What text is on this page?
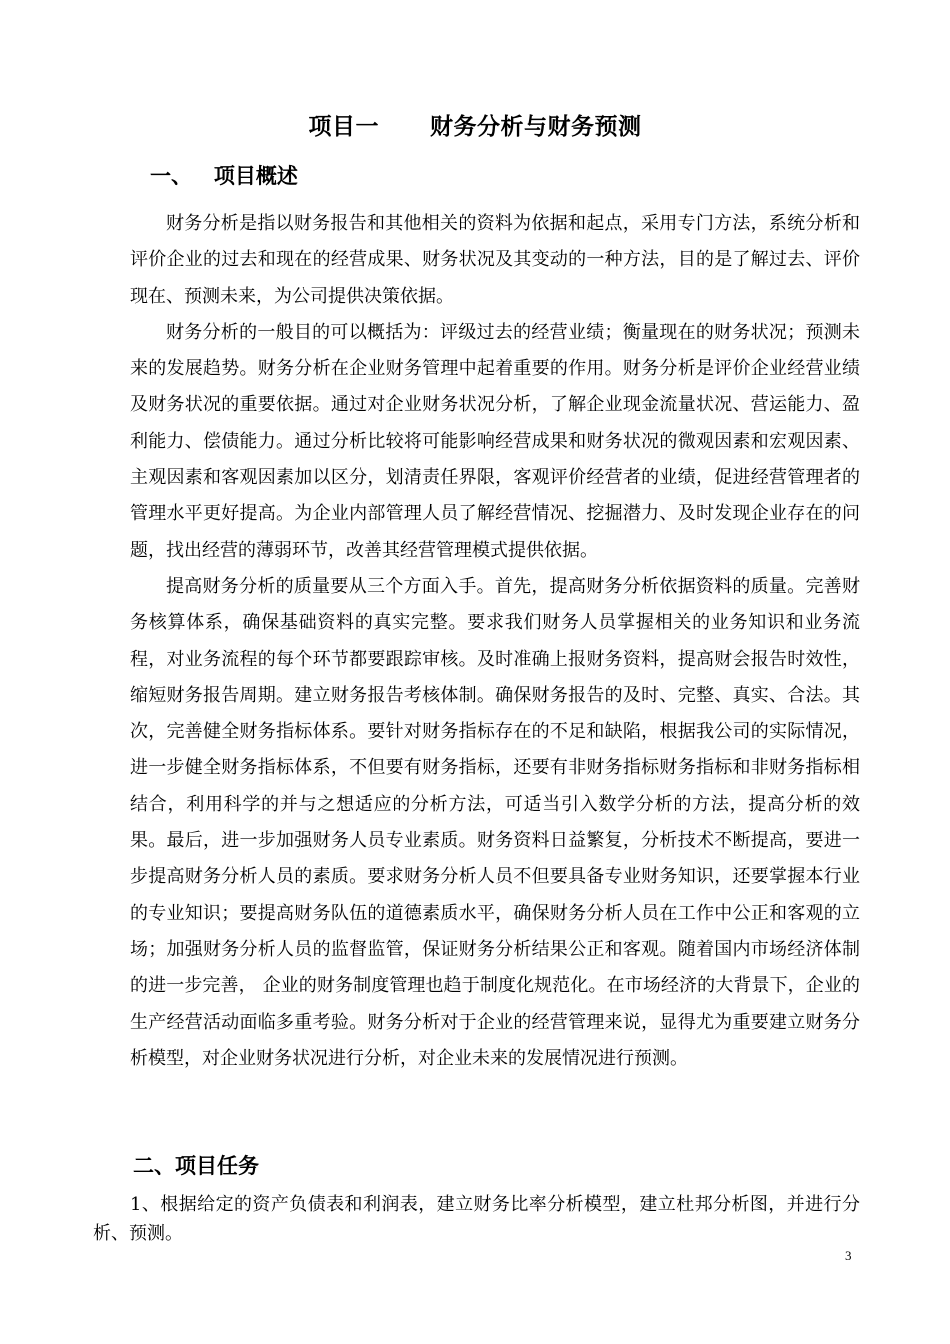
项目一      财务分析与财务预测
一、   项目概述

财务分析是指以财务报告和其他相关的资料为依据和起点，采用专门方法，系统分析和评价企业的过去和现在的经营成果、财务状况及其变动的一种方法，目的是了解过去、评价现在、预测未来，为公司提供决策依据。

财务分析的一般目的可以概括为：评级过去的经营业绩；衡量现在的财务状况；预测未来的发展趋势。财务分析在企业财务管理中起着重要的作用。财务分析是评价企业经营业绩及财务状况的重要依据。通过对企业财务状况分析，了解企业现金流量状况、营运能力、盈利能力、偿债能力。通过分析比较将可能影响经营成果和财务状况的微观因素和宏观因素、主观因素和客观因素加以区分，划清责任界限，客观评价经营者的业绩，促进经营管理者的管理水平更好提高。为企业内部管理人员了解经营情况、挖掘潜力、及时发现企业存在的问题，找出经营的薄弱环节，改善其经营管理模式提供依据。

提高财务分析的质量要从三个方面入手。首先，提高财务分析依据资料的质量。完善财务核算体系，确保基础资料的真实完整。要求我们财务人员掌握相关的业务知识和业务流程，对业务流程的每个环节都要跟踪审核。及时准确上报财务资料，提高财会报告时效性，缩短财务报告周期。建立财务报告考核体制。确保财务报告的及时、完整、真实、合法。其次，完善健全财务指标体系。要针对财务指标存在的不足和缺陷，根据我公司的实际情况，进一步健全财务指标体系，不但要有财务指标，还要有非财务指标财务指标和非财务指标相结合，利用科学的并与之想适应的分析方法，可适当引入数学分析的方法，提高分析的效果。最后，进一步加强财务人员专业素质。财务资料日益繁复，分析技术不断提高，要进一步提高财务分析人员的素质。要求财务分析人员不但要具备专业财务知识，还要掌握本行业的专业知识；要提高财务队伍的道德素质水平，确保财务分析人员在工作中公正和客观的立场；加强财务分析人员的监督监管，保证财务分析结果公正和客观。随着国内市场经济体制的进一步完善， 企业的财务制度管理也趋于制度化规范化。在市场经济的大背景下，企业的生产经营活动面临多重考验。财务分析对于企业的经营管理来说，显得尤为重要建立财务分析模型，对企业财务状况进行分析，对企业未来的发展情况进行预测。

二、项目任务

1、根据给定的资产负债表和利润表，建立财务比率分析模型，建立杜邦分析图，并进行分析、预测。

3
